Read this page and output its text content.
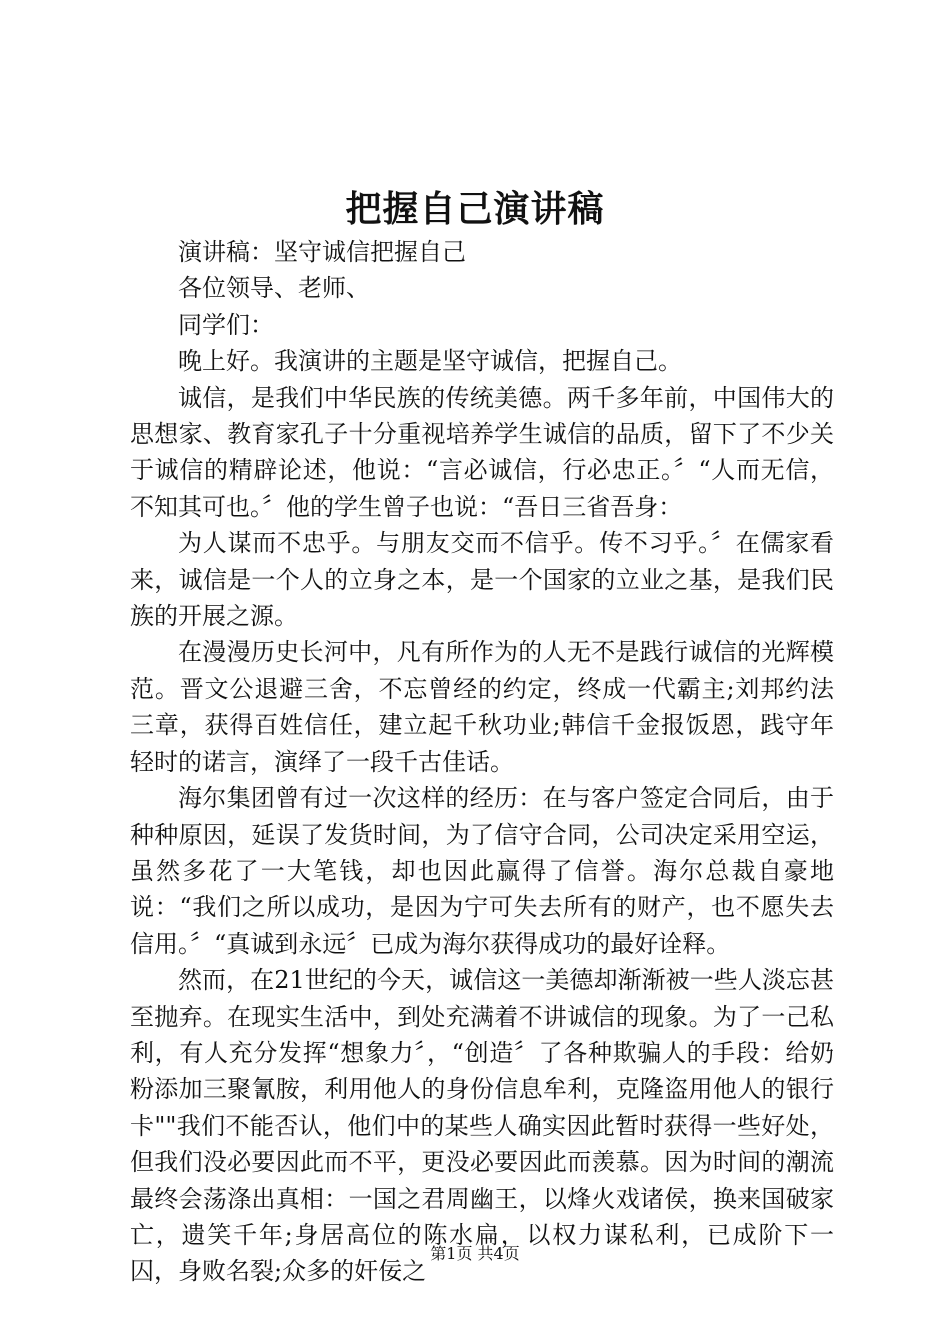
把握自己演讲稿

演讲稿：坚守诚信把握自己

各位领导、老师、

同学们：

晚上好。我演讲的主题是坚守诚信，把握自己。

诚信，是我们中华民族的传统美德。两千多年前，中国伟大的思想家、教育家孔子十分重视培养学生诚信的品质，留下了不少关于诚信的精辟论述，他说：“言必诚信，行必忠正。〞“人而无信，不知其可也。〞他的学生曾子也说：“吾日三省吾身：

为人谋而不忠乎。与朋友交而不信乎。传不习乎。〞在儒家看来，诚信是一个人的立身之本，是一个国家的立业之基，是我们民族的开展之源。

在漫漫历史长河中，凡有所作为的人无不是践行诚信的光辉模范。晋文公退避三舍，不忘曾经的约定，终成一代霸主;刘邦约法三章，获得百姓信任，建立起千秋功业;韩信千金报饭恩，践守年轻时的诺言，演绎了一段千古佳话。

海尔集团曾有过一次这样的经历：在与客户签定合同后，由于种种原因，延误了发货时间，为了信守合同，公司决定采用空运，虽然多花了一大笔钱，却也因此赢得了信誉。海尔总裁自豪地说：“我们之所以成功，是因为宁可失去所有的财产，也不愿失去信用。〞“真诚到永远〞已成为海尔获得成功的最好诠释。

然而，在21世纪的今天，诚信这一美德却渐渐被一些人淡忘甚至抛弃。在现实生活中，到处充满着不讲诚信的现象。为了一己私利，有人充分发挥“想象力〞，“创造〞了各种欺骗人的手段：给奶粉添加三聚氰胺，利用他人的身份信息牟利，克隆盗用他人的银行卡""我们不能否认，他们中的某些人确实因此暂时获得一些好处，但我们没必要因此而不平，更没必要因此而羡慕。因为时间的潮流最终会荡涤出真相：一国之君周幽王，以烽火戏诸侯，换来国破家亡，遗笑千年;身居高位的陈水扁，以权力谋私利，已成阶下一囚，身败名裂;众多的奸佞之

第1页 共4页
